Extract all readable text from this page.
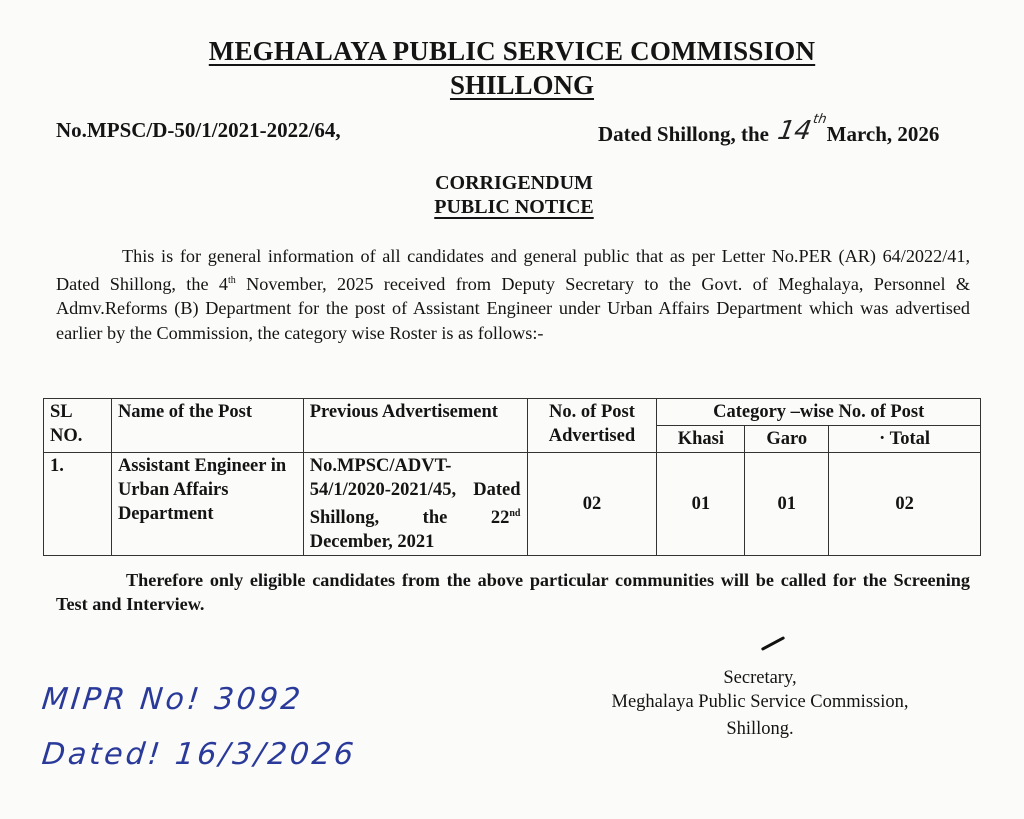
MEGHALAYA PUBLIC SERVICE COMMISSION
SHILLONG
No.MPSC/D-50/1/2021-2022/64,	Dated Shillong, the 14thMarch, 2026
CORRIGENDUM
PUBLIC NOTICE
This is for general information of all candidates and general public that as per Letter No.PER (AR) 64/2022/41, Dated Shillong, the 4th November, 2025 received from Deputy Secretary to the Govt. of Meghalaya, Personnel & Admv.Reforms (B) Department for the post of Assistant Engineer under Urban Affairs Department which was advertised earlier by the Commission, the category wise Roster is as follows:-
SL NO.	Name of the Post	Previous Advertisement	No. of Post Advertised	Category –wise No. of Post		
				Khasi	Garo	· Total
1.	Assistant Engineer in Urban Affairs Department	No.MPSC/ADVT-54/1/2020-2021/45, Dated Shillong, the 22nd December, 2021	02	01	01	02
Therefore only eligible candidates from the above particular communities will be called for the Screening Test and Interview.
Secretary,
Meghalaya Public Service Commission,
Shillong.
MIPR No! 3092
Dated! 16/3/2026
